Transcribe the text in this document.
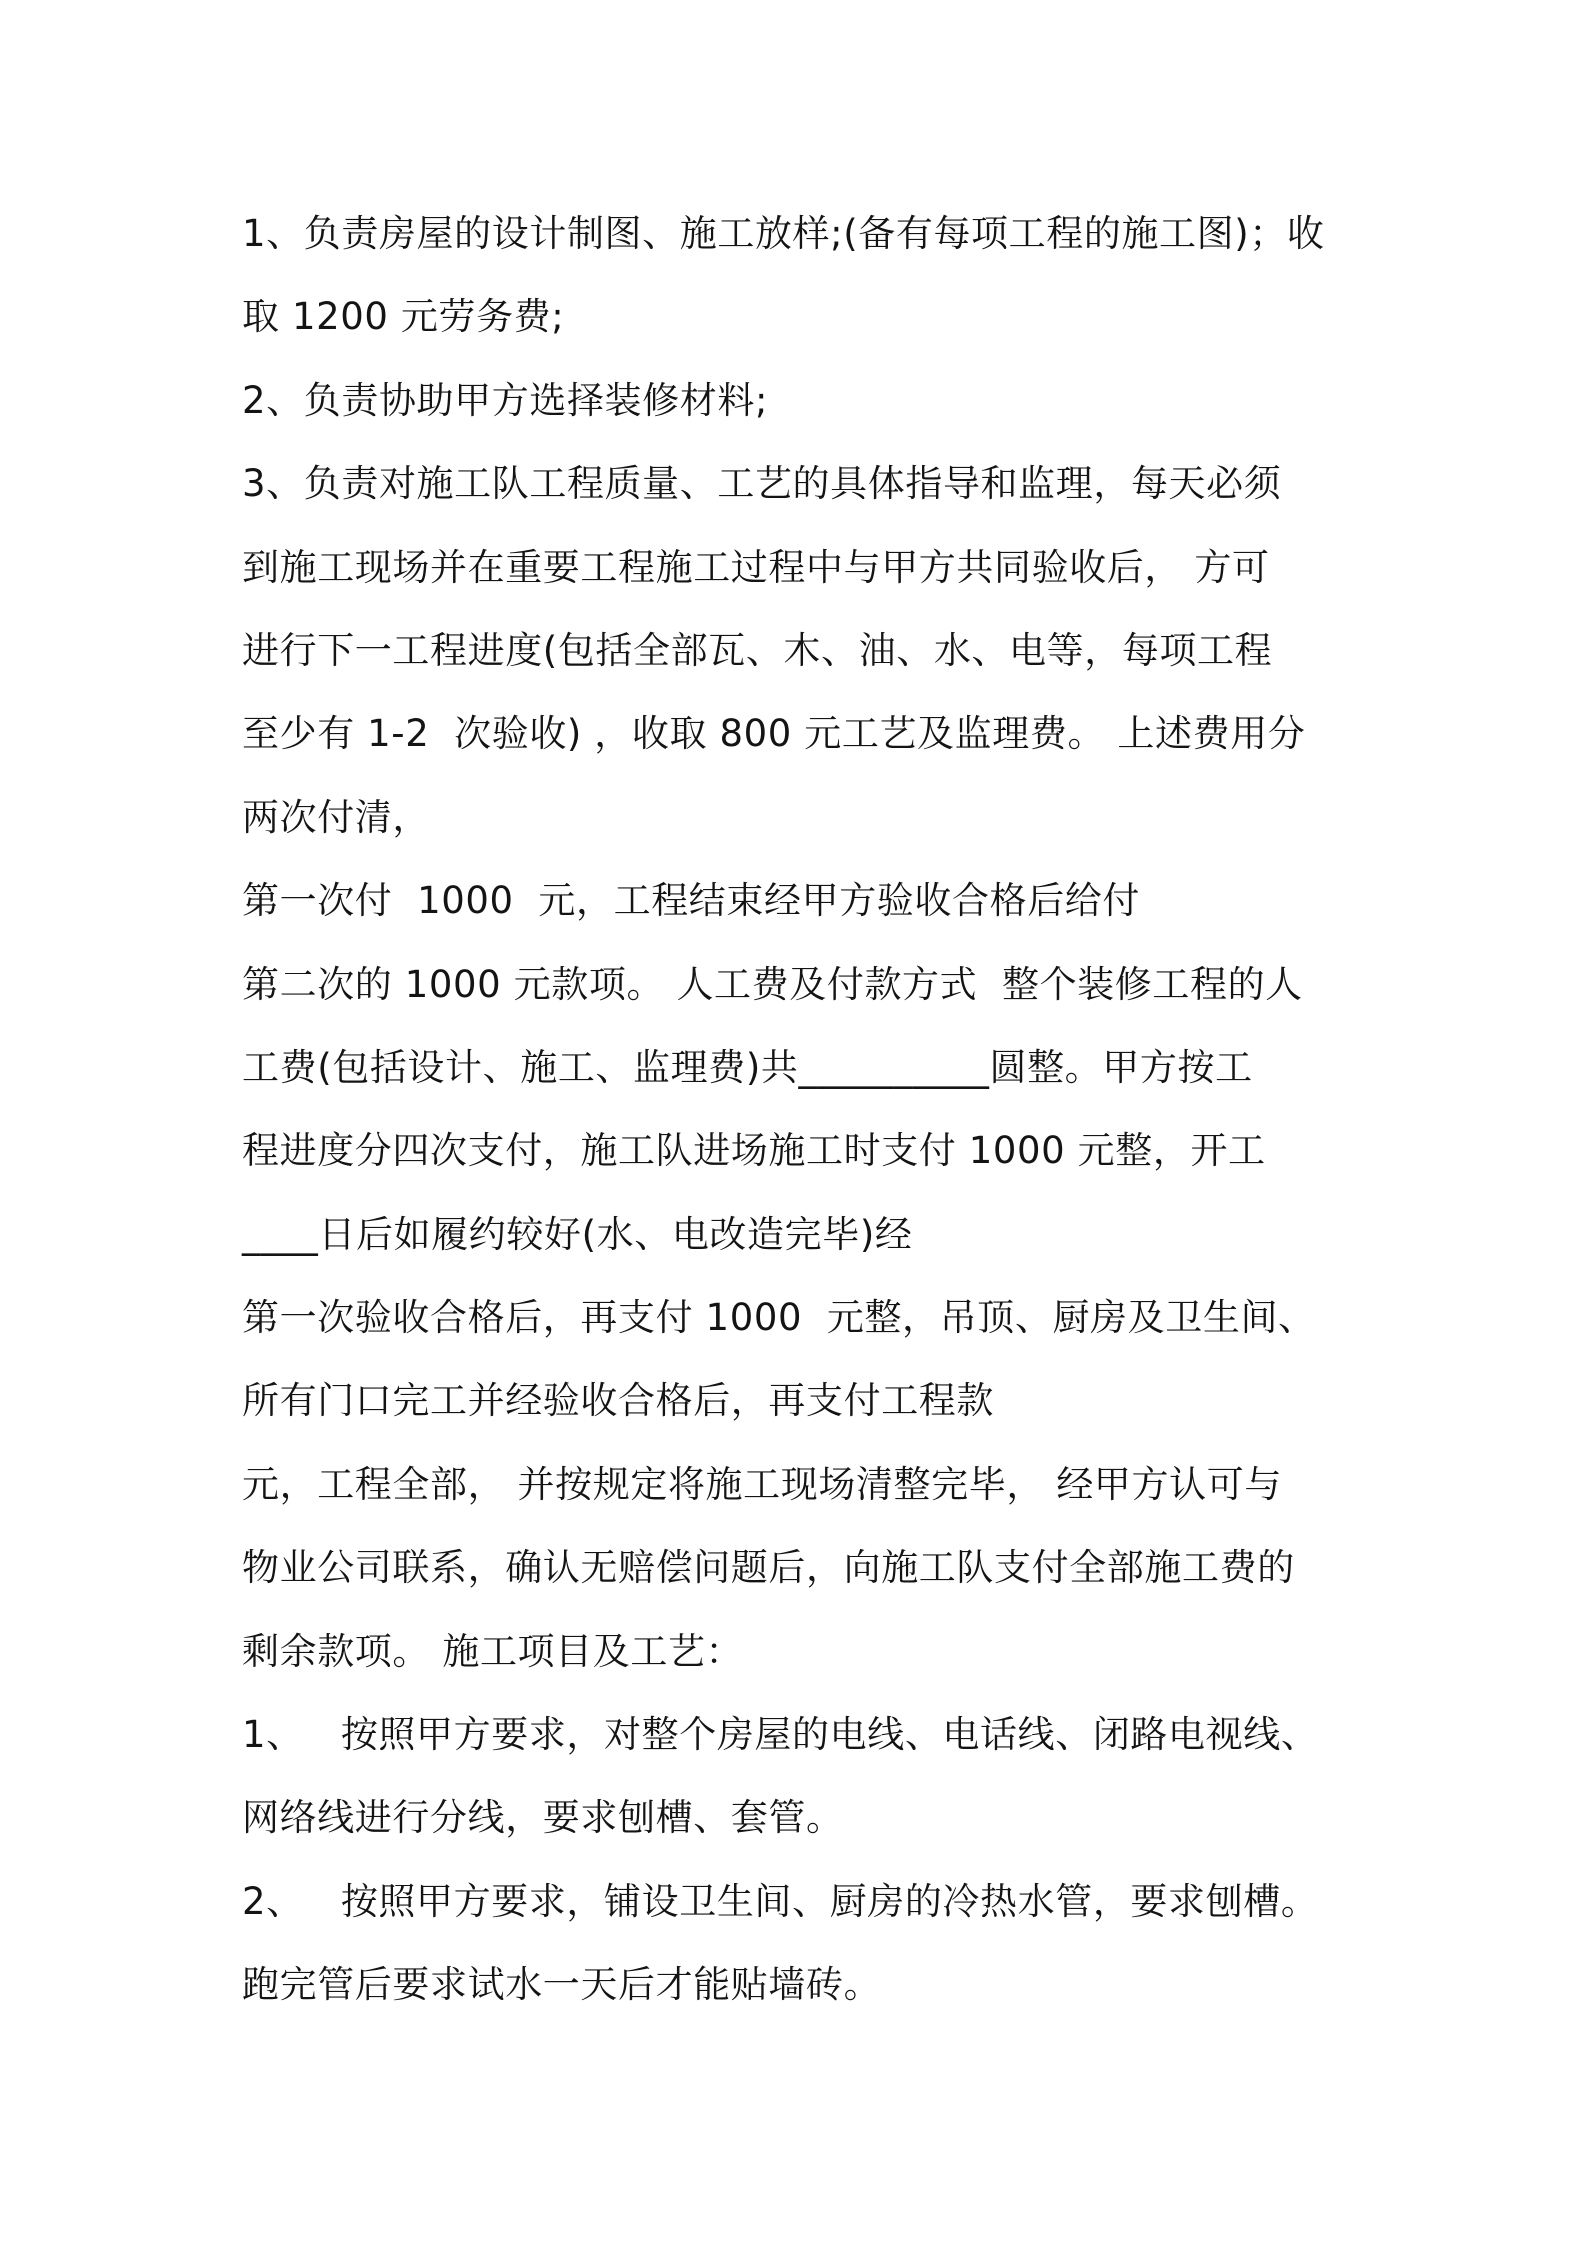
1、负责房屋的设计制图、施工放样;(备有每项工程的施工图)；收
取 1200 元劳务费;
2、负责协助甲方选择装修材料;
3、负责对施工队工程质量、工艺的具体指导和监理，每天必须
到施工现场并在重要工程施工过程中与甲方共同验收后， 方可
进行下一工程进度(包括全部瓦、木、油、水、电等，每项工程
至少有 1-2  次验收) ，收取 800 元工艺及监理费。 上述费用分
两次付清，
第一次付  1000  元，工程结束经甲方验收合格后给付
第二次的 1000 元款项。 人工费及付款方式  整个装修工程的人
工费(包括设计、施工、监理费)共__________圆整。甲方按工
程进度分四次支付，施工队进场施工时支付 1000 元整，开工
____日后如履约较好(水、电改造完毕)经
第一次验收合格后，再支付 1000  元整，吊顶、厨房及卫生间、
所有门口完工并经验收合格后，再支付工程款
元，工程全部， 并按规定将施工现场清整完毕， 经甲方认可与
物业公司联系，确认无赔偿问题后，向施工队支付全部施工费的
剩余款项。 施工项目及工艺：
1、   按照甲方要求，对整个房屋的电线、电话线、闭路电视线、
网络线进行分线，要求刨槽、套管。
2、   按照甲方要求，铺设卫生间、厨房的冷热水管，要求刨槽。
跑完管后要求试水一天后才能贴墙砖。
